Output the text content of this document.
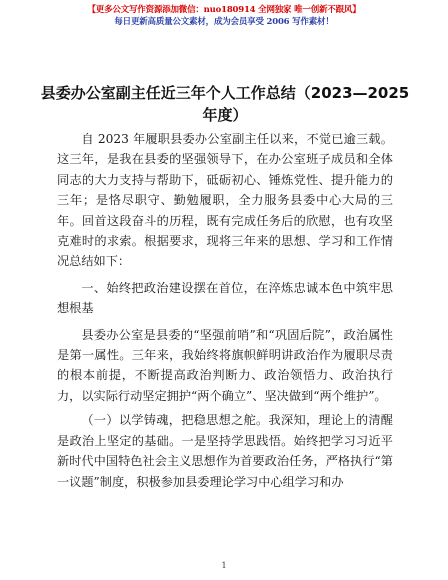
【更多公文写作资源添加微信：nuo180914 全网独家 唯一创新不跟风】
每日更新高质量公文素材，成为会员享受 2006 写作素材！
县委办公室副主任近三年个人工作总结（2023—2025 年度）

自 2023 年履职县委办公室副主任以来，不觉已逾三载。这三年，是我在县委的坚强领导下，在办公室班子成员和全体同志的大力支持与帮助下，砥砺初心、锤炼党性、提升能力的三年；是恪尽职守、勤勉履职，全力服务县委中心大局的三年。回首这段奋斗的历程，既有完成任务后的欣慰，也有攻坚克难时的求索。根据要求，现将三年来的思想、学习和工作情况总结如下：

一、始终把政治建设摆在首位，在淬炼忠诚本色中筑牢思想根基

县委办公室是县委的“坚强前哨”和“巩固后院”，政治属性是第一属性。三年来，我始终将旗帜鲜明讲政治作为履职尽责的根本前提，不断提高政治判断力、政治领悟力、政治执行力，以实际行动坚定拥护“两个确立”、坚决做到“两个维护”。

（一）以学铸魂，把稳思想之舵。我深知，理论上的清醒是政治上坚定的基础。一是坚持学思践悟。始终把学习习近平新时代中国特色社会主义思想作为首要政治任务，严格执行“第一议题”制度，积极参加县委理论学习中心组学习和办

1
